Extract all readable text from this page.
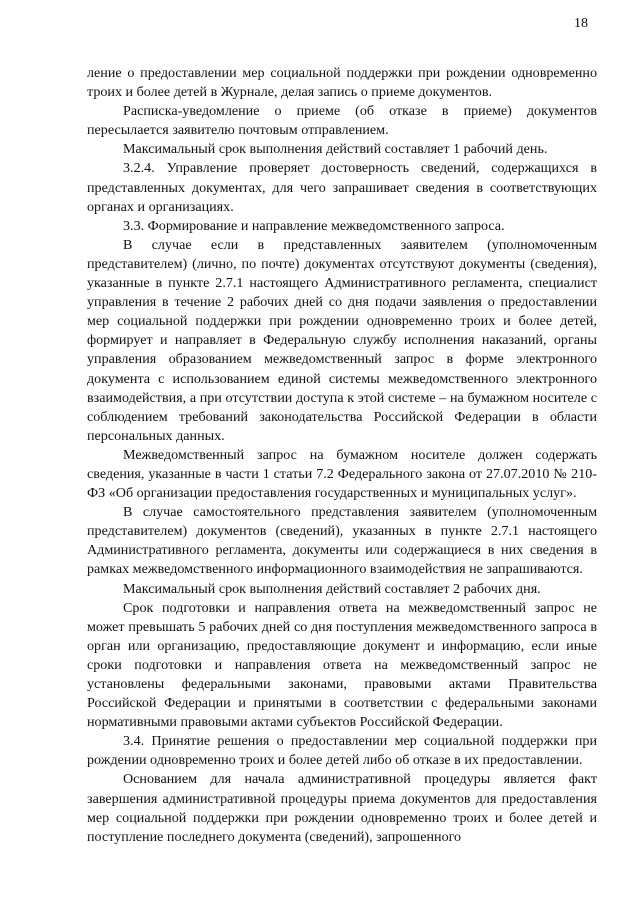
18

ление о предоставлении мер социальной поддержки при рождении одновременно троих и более детей в Журнале, делая запись о приеме документов.

Расписка-уведомление о приеме (об отказе в приеме) документов пересылается заявителю почтовым отправлением.

Максимальный срок выполнения действий составляет 1 рабочий день.

3.2.4. Управление проверяет достоверность сведений, содержащихся в представленных документах, для чего запрашивает сведения в соответствующих органах и организациях.

3.3. Формирование и направление межведомственного запроса.

В случае если в представленных заявителем (уполномоченным представителем) (лично, по почте) документах отсутствуют документы (сведения), указанные в пункте 2.7.1 настоящего Административного регламента, специалист управления в течение 2 рабочих дней со дня подачи заявления о предоставлении мер социальной поддержки при рождении одновременно троих и более детей, формирует и направляет в Федеральную службу исполнения наказаний, органы управления образованием межведомственный запрос в форме электронного документа с использованием единой системы межведомственного электронного взаимодействия, а при отсутствии доступа к этой системе – на бумажном носителе с соблюдением требований законодательства Российской Федерации в области персональных данных.

Межведомственный запрос на бумажном носителе должен содержать сведения, указанные в части 1 статьи 7.2 Федерального закона от 27.07.2010 № 210-ФЗ «Об организации предоставления государственных и муниципальных услуг».

В случае самостоятельного представления заявителем (уполномоченным представителем) документов (сведений), указанных в пункте 2.7.1 настоящего Административного регламента, документы или содержащиеся в них сведения в рамках межведомственного информационного взаимодействия не запрашиваются.

Максимальный срок выполнения действий составляет 2 рабочих дня.

Срок подготовки и направления ответа на межведомственный запрос не может превышать 5 рабочих дней со дня поступления межведомственного запроса в орган или организацию, предоставляющие документ и информацию, если иные сроки подготовки и направления ответа на межведомственный запрос не установлены федеральными законами, правовыми актами Правительства Российской Федерации и принятыми в соответствии с федеральными законами нормативными правовыми актами субъектов Российской Федерации.

3.4. Принятие решения о предоставлении мер социальной поддержки при рождении одновременно троих и более детей либо об отказе в их предоставлении.

Основанием для начала административной процедуры является факт завершения административной процедуры приема документов для предоставления мер социальной поддержки при рождении одновременно троих и более детей и поступление последнего документа (сведений), запрошенного
